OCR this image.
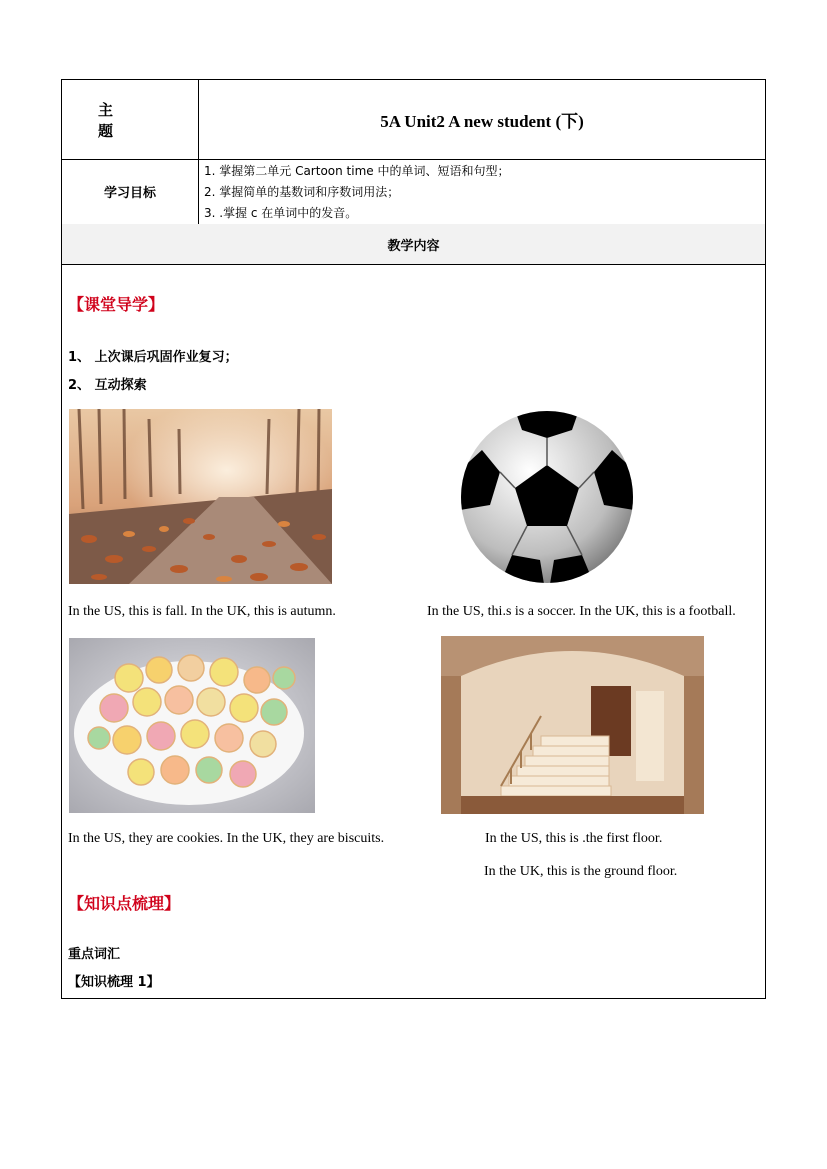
主题	5A Unit2 A new student (下)
学习目标
1. 掌握第二单元 Cartoon time 中的单词、短语和句型；
2. 掌握简单的基数词和序数词用法；
3. .掌握 c 在单词中的发音。
教学内容
【课堂导学】
1、 上次课后巩固作业复习；
2、 互动探索
In the US, this is fall. In the UK, this is autumn.	In the US, thi.s is a soccer. In the UK, this is a football.
In the US, they are cookies. In the UK, they are biscuits.	In the US, this is .the first floor.
In the UK, this is the ground floor.
【知识点梳理】
重点词汇
【知识梳理 1】
